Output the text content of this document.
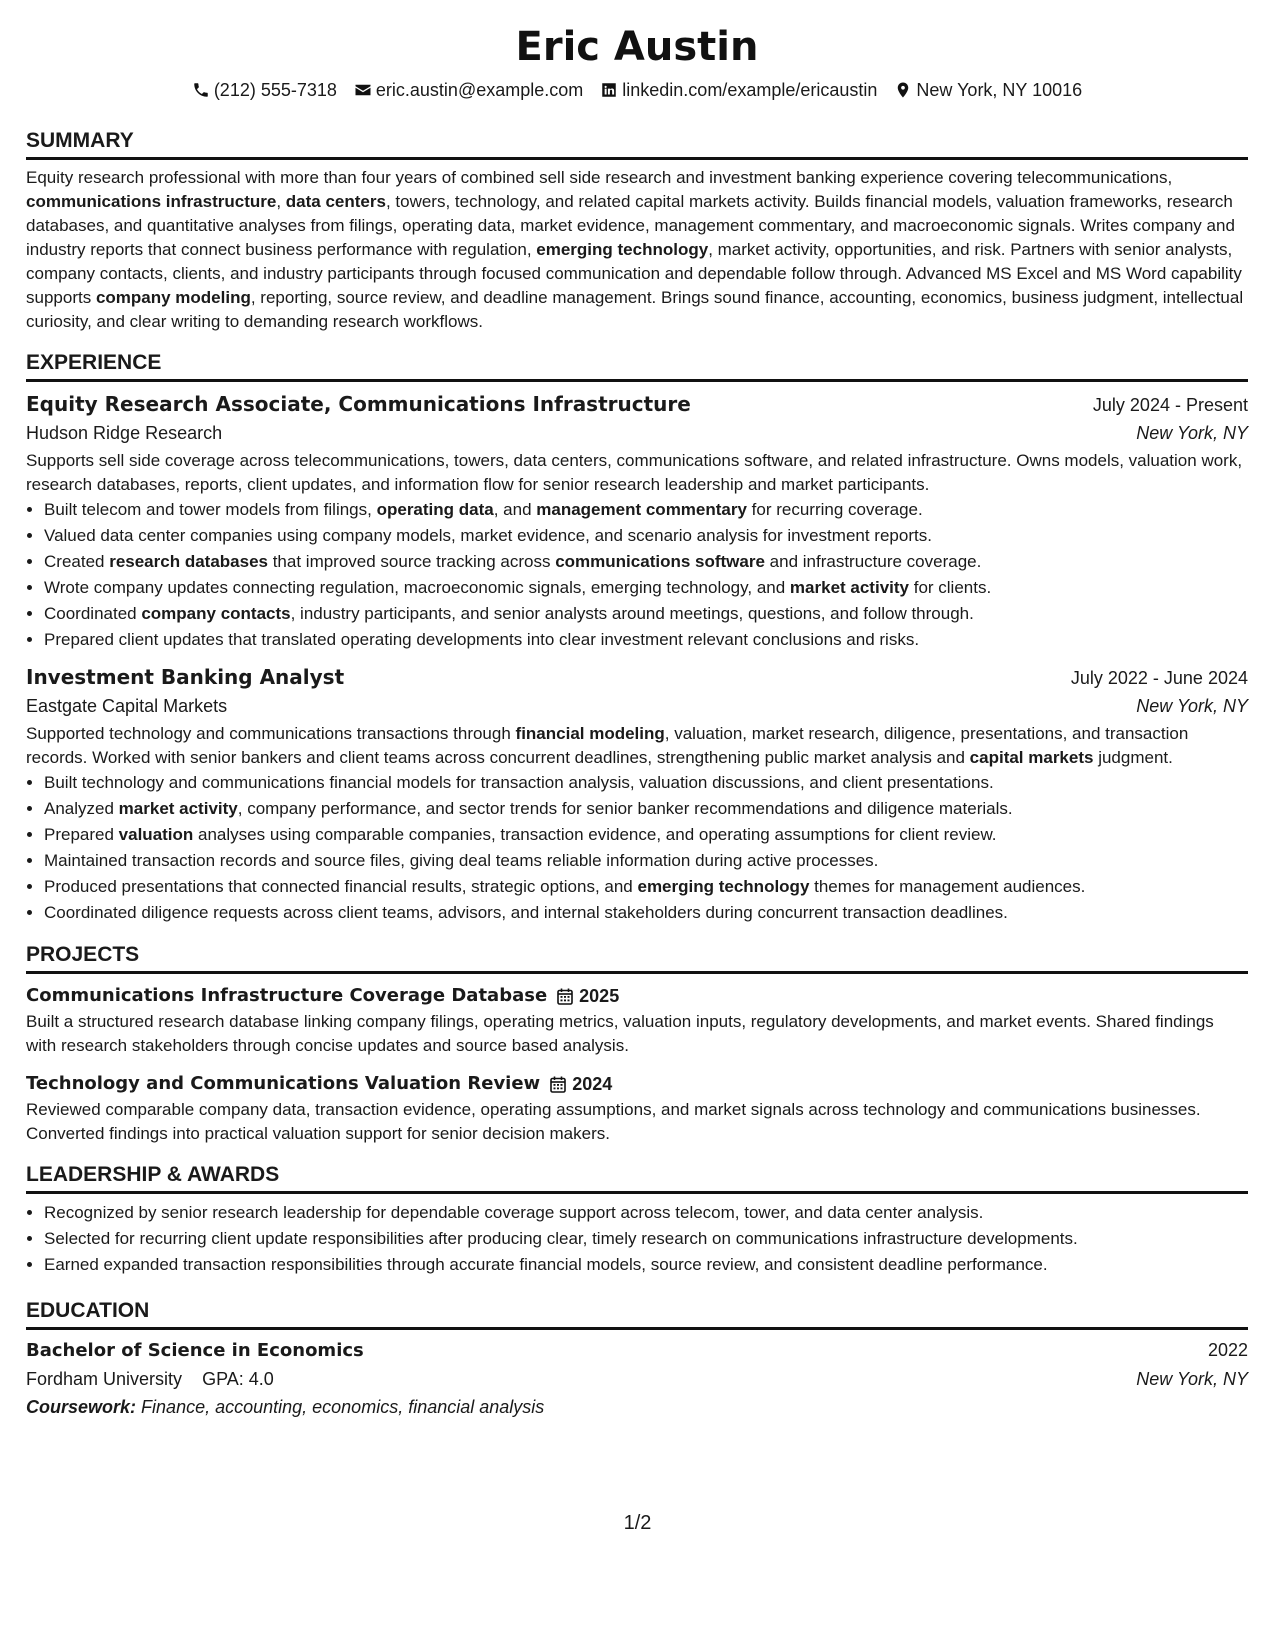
Eric Austin
(212) 555-7318 eric.austin@example.com linkedin.com/example/ericaustin New York, NY 10016
SUMMARY

Equity research professional with more than four years of combined sell side research and investment banking experience covering telecommunications, communications infrastructure, data centers, towers, technology, and related capital markets activity. Builds financial models, valuation frameworks, research databases, and quantitative analyses from filings, operating data, market evidence, management commentary, and macroeconomic signals. Writes company and industry reports that connect business performance with regulation, emerging technology, market activity, opportunities, and risk. Partners with senior analysts, company contacts, clients, and industry participants through focused communication and dependable follow through. Advanced MS Excel and MS Word capability supports company modeling, reporting, source review, and deadline management. Brings sound finance, accounting, economics, business judgment, intellectual curiosity, and clear writing to demanding research workflows.

EXPERIENCE
Equity Research Associate, Communications Infrastructure	July 2024 - Present
Hudson Ridge Research	New York, NY

Supports sell side coverage across telecommunications, towers, data centers, communications software, and related infrastructure. Owns models, valuation work, research databases, reports, client updates, and information flow for senior research leadership and market participants.

• Built telecom and tower models from filings, operating data, and management commentary for recurring coverage.
• Valued data center companies using company models, market evidence, and scenario analysis for investment reports.
• Created research databases that improved source tracking across communications software and infrastructure coverage.
• Wrote company updates connecting regulation, macroeconomic signals, emerging technology, and market activity for clients.
• Coordinated company contacts, industry participants, and senior analysts around meetings, questions, and follow through.
• Prepared client updates that translated operating developments into clear investment relevant conclusions and risks.
Investment Banking Analyst	July 2022 - June 2024
Eastgate Capital Markets	New York, NY

Supported technology and communications transactions through financial modeling, valuation, market research, diligence, presentations, and transaction records. Worked with senior bankers and client teams across concurrent deadlines, strengthening public market analysis and capital markets judgment.

• Built technology and communications financial models for transaction analysis, valuation discussions, and client presentations.
• Analyzed market activity, company performance, and sector trends for senior banker recommendations and diligence materials.
• Prepared valuation analyses using comparable companies, transaction evidence, and operating assumptions for client review.
• Maintained transaction records and source files, giving deal teams reliable information during active processes.
• Produced presentations that connected financial results, strategic options, and emerging technology themes for management audiences.
• Coordinated diligence requests across client teams, advisors, and internal stakeholders during concurrent transaction deadlines.
PROJECTS
Communications Infrastructure Coverage Database 2025

Built a structured research database linking company filings, operating metrics, valuation inputs, regulatory developments, and market events. Shared findings with research stakeholders through concise updates and source based analysis.

Technology and Communications Valuation Review 2024

Reviewed comparable company data, transaction evidence, operating assumptions, and market signals across technology and communications businesses. Converted findings into practical valuation support for senior decision makers.

LEADERSHIP & AWARDS
• Recognized by senior research leadership for dependable coverage support across telecom, tower, and data center analysis.
• Selected for recurring client update responsibilities after producing clear, timely research on communications infrastructure developments.
• Earned expanded transaction responsibilities through accurate financial models, source review, and consistent deadline performance.
EDUCATION
Bachelor of Science in Economics	2022
Fordham University GPA: 4.0	New York, NY
Coursework: Finance, accounting, economics, financial analysis
1/2
